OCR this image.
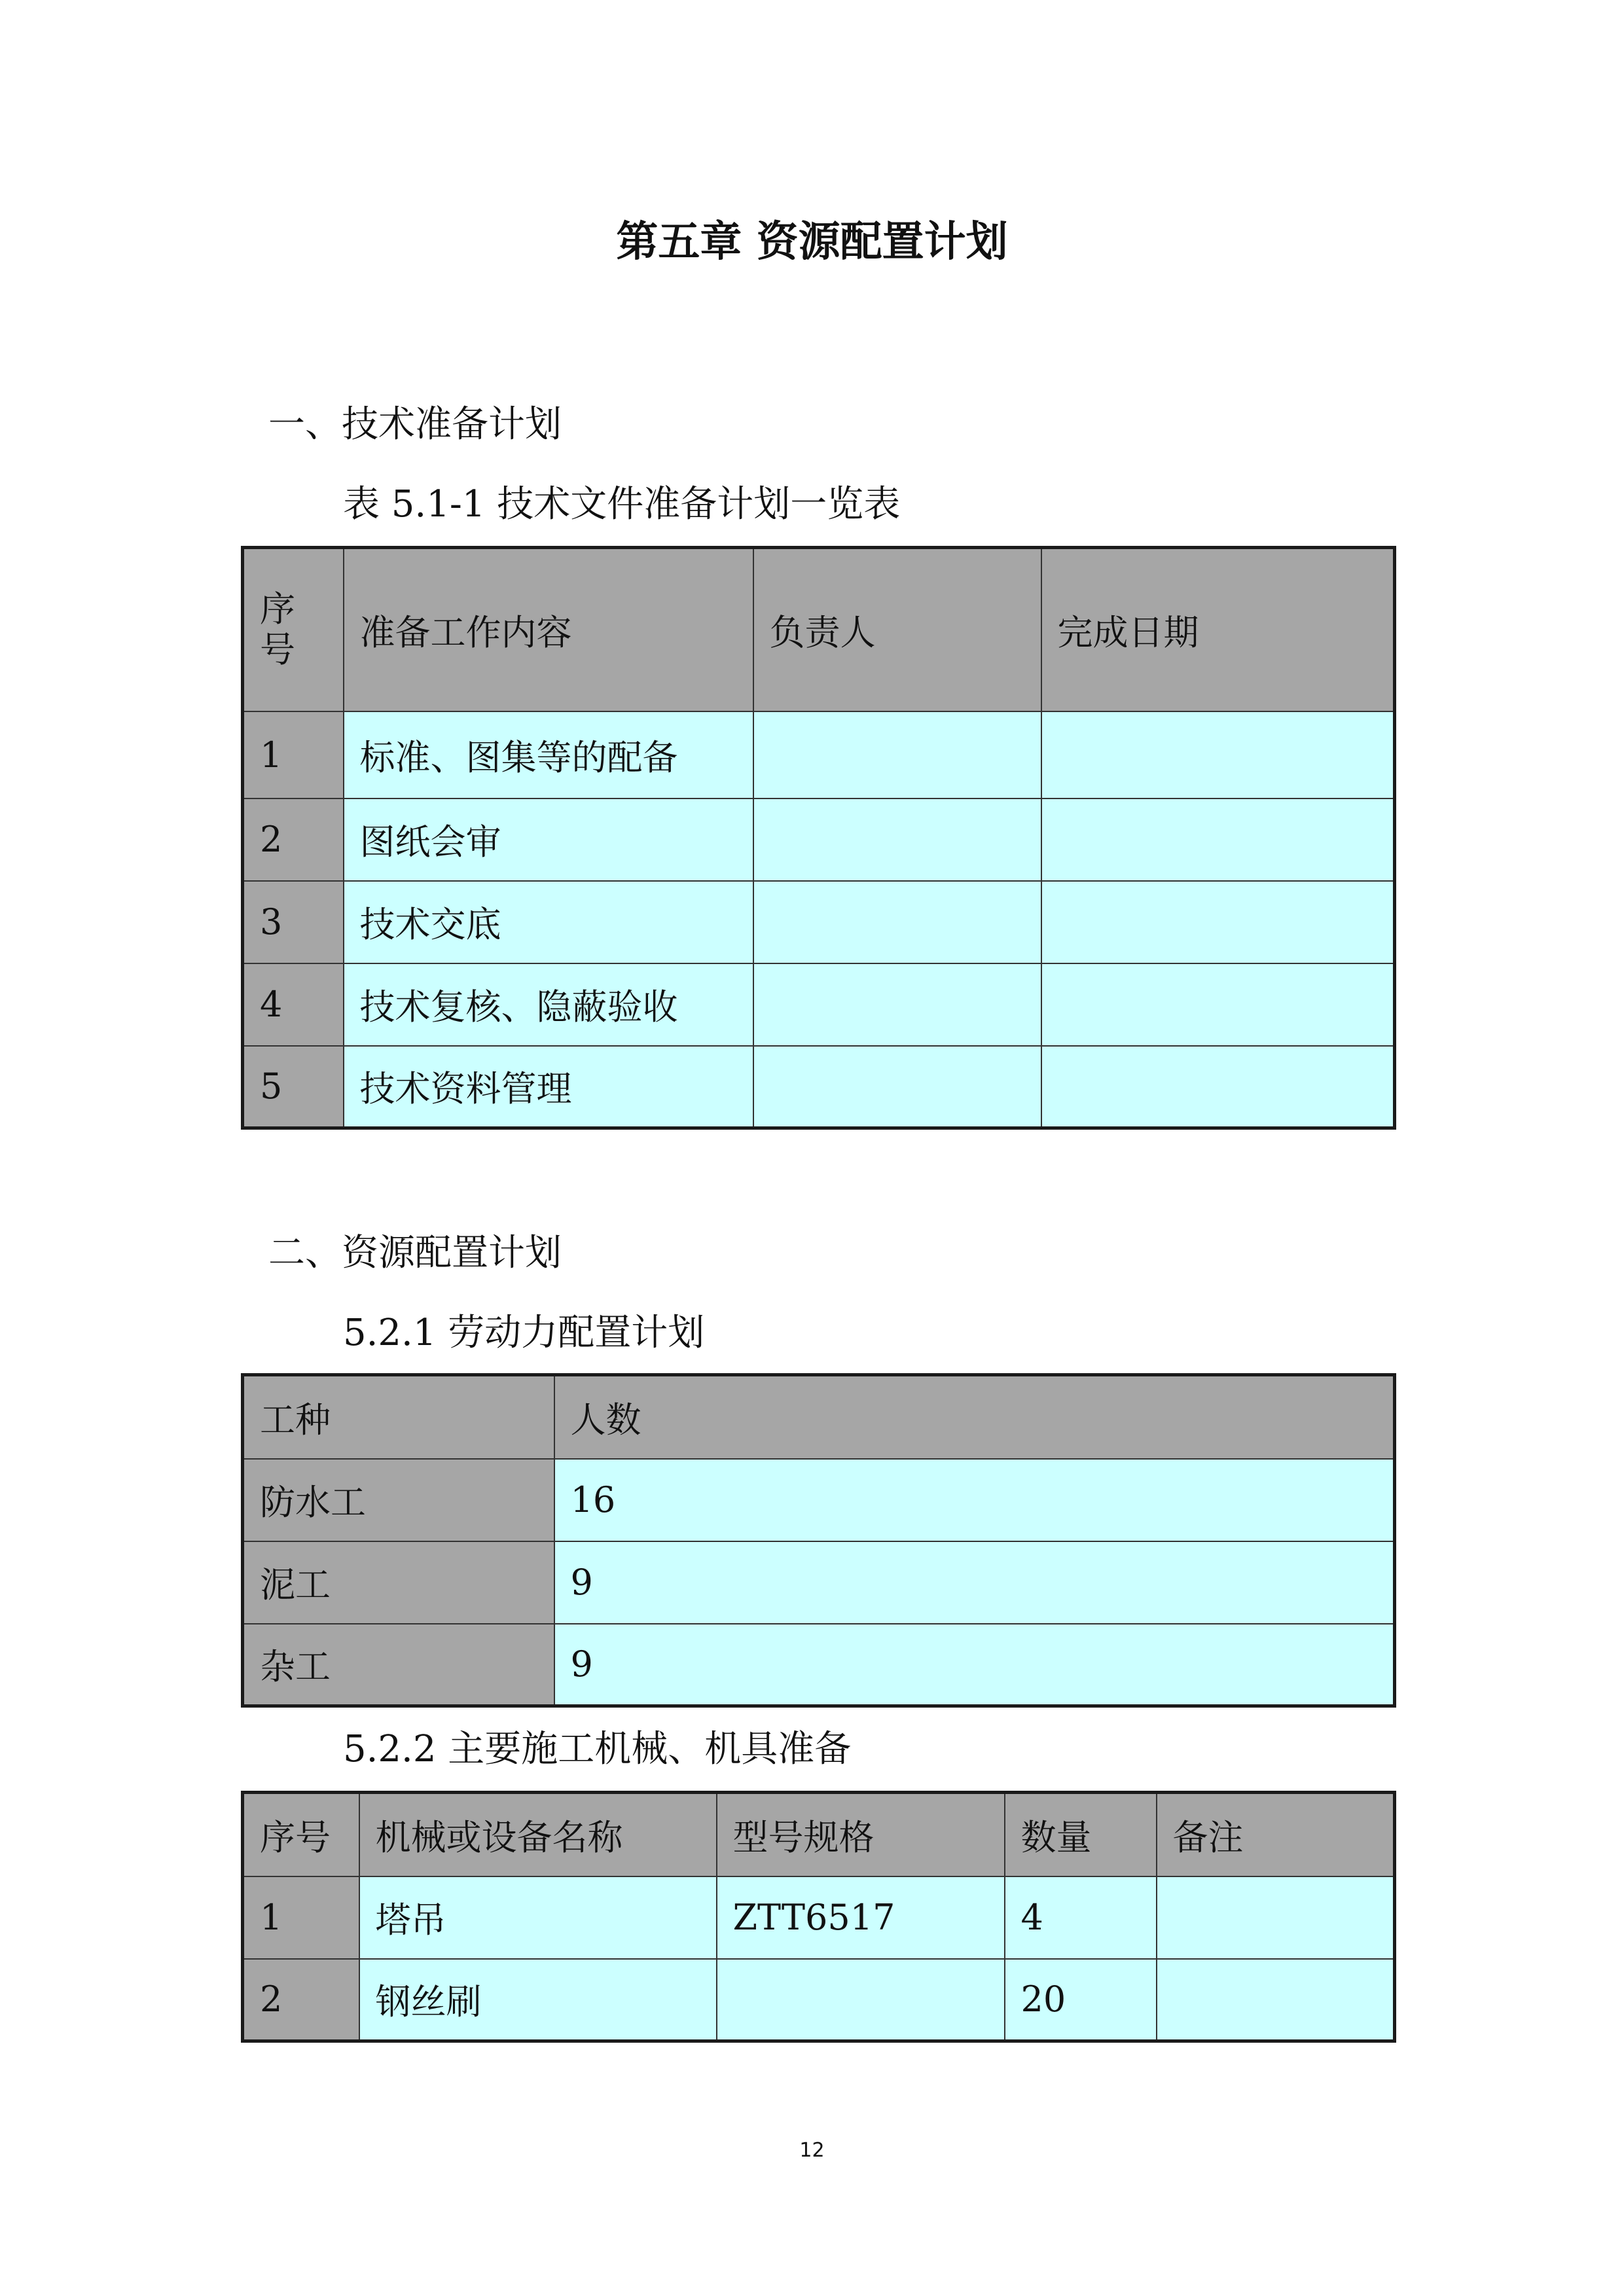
第五章 资源配置计划
一、技术准备计划
表 5.1-1 技术文件准备计划一览表
序
号	准备工作内容	负责人	完成日期
1	标准、图集等的配备		
2	图纸会审		
3	技术交底		
4	技术复核、隐蔽验收		
5	技术资料管理		
二、资源配置计划
5.2.1 劳动力配置计划
工种	人数
防水工	16
泥工	9
杂工	9
5.2.2 主要施工机械、机具准备
序号	机械或设备名称	型号规格	数量	备注
1	塔吊	ZTT6517	4	
2	钢丝刷		20	
12
